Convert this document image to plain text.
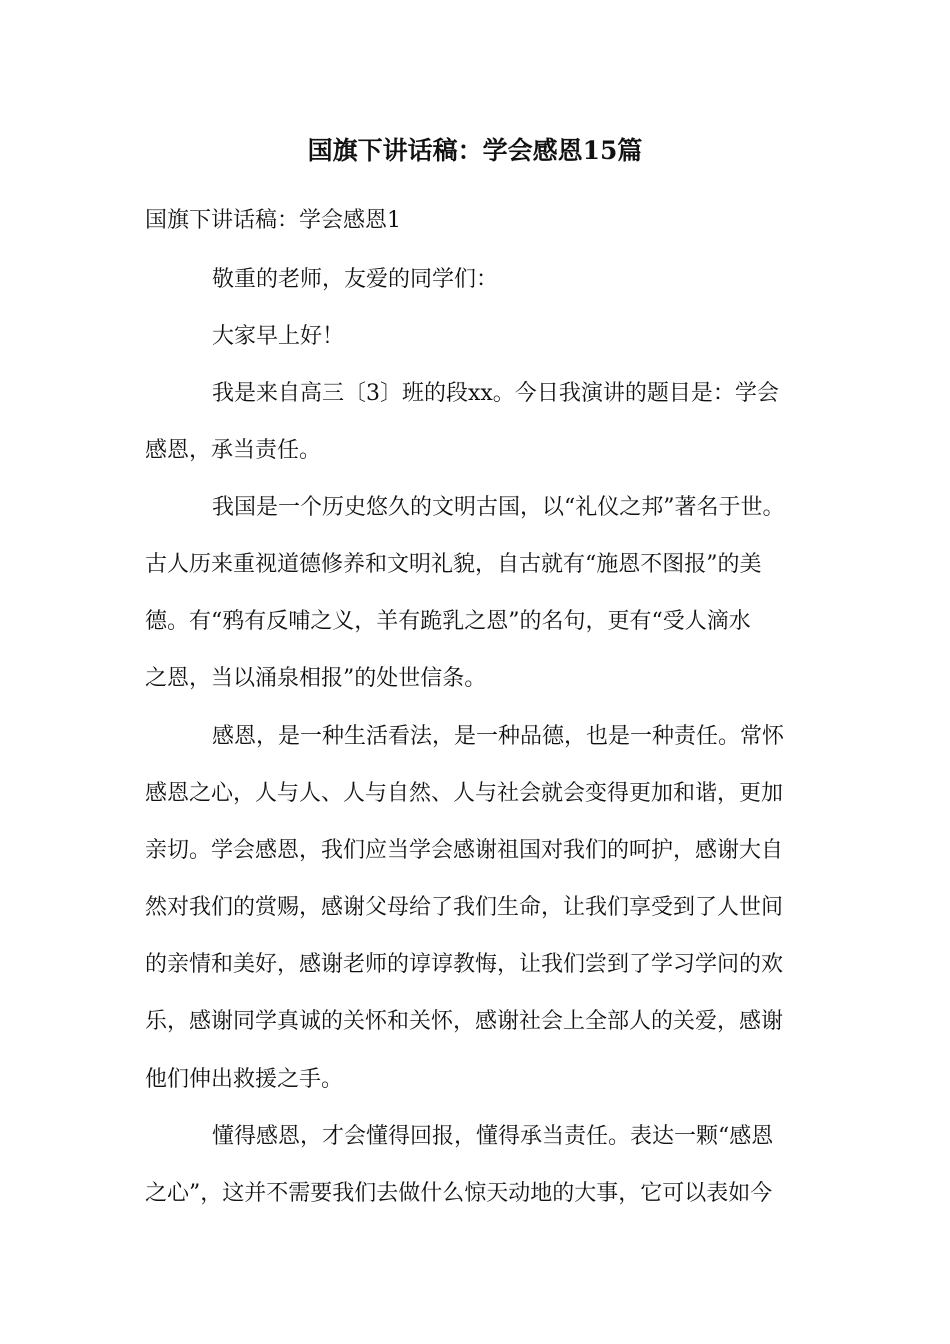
国旗下讲话稿：学会感恩15篇
国旗下讲话稿：学会感恩1
敬重的老师，友爱的同学们：
大家早上好！
我是来自高三〔3〕班的段xx。今日我演讲的题目是：学会
感恩，承当责任。
我国是一个历史悠久的文明古国，以“礼仪之邦”著名于世。
古人历来重视道德修养和文明礼貌，自古就有“施恩不图报”的美
德。有“鸦有反哺之义，羊有跪乳之恩”的名句，更有“受人滴水
之恩，当以涌泉相报”的处世信条。
感恩，是一种生活看法，是一种品德，也是一种责任。常怀
感恩之心，人与人、人与自然、人与社会就会变得更加和谐，更加
亲切。学会感恩，我们应当学会感谢祖国对我们的呵护，感谢大自
然对我们的赏赐，感谢父母给了我们生命，让我们享受到了人世间
的亲情和美好，感谢老师的谆谆教悔，让我们尝到了学习学问的欢
乐，感谢同学真诚的关怀和关怀，感谢社会上全部人的关爱，感谢
他们伸出救援之手。
懂得感恩，才会懂得回报，懂得承当责任。表达一颗“感恩
之心”，这并不需要我们去做什么惊天动地的大事，它可以表如今
